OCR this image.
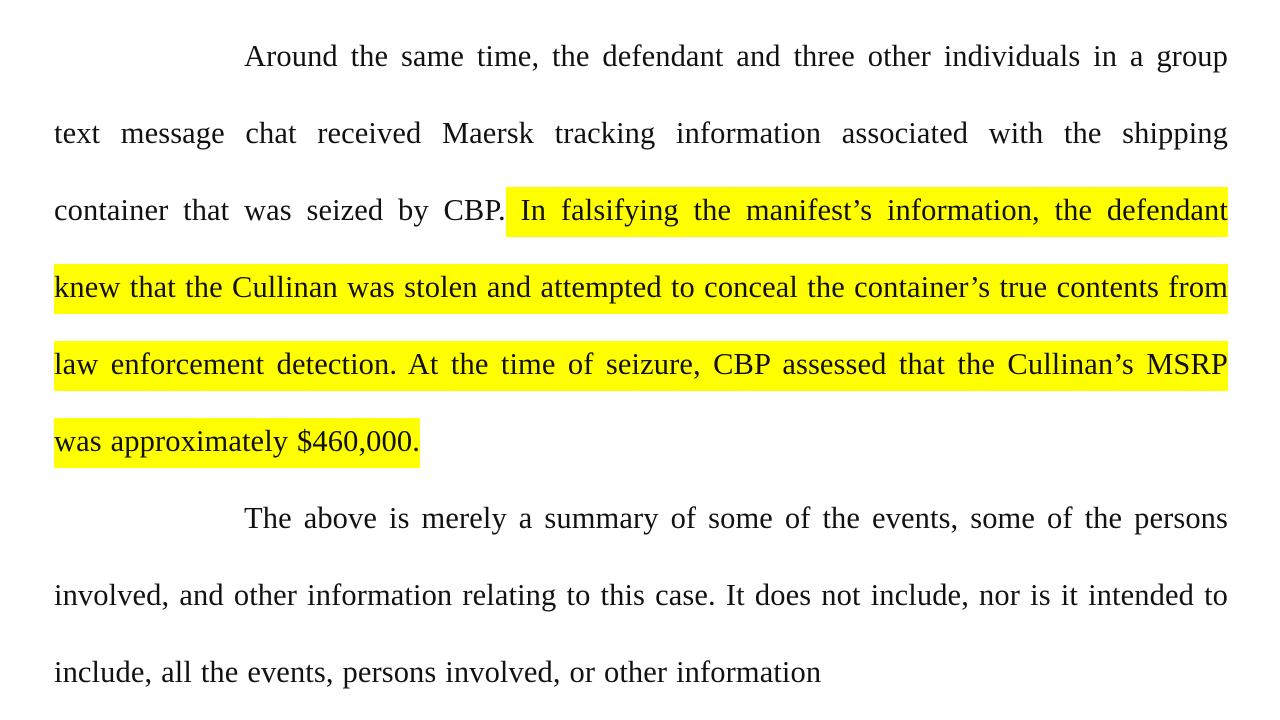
Around the same time, the defendant and three other individuals in a group text message chat received Maersk tracking information associated with the shipping container that was seized by CBP. In falsifying the manifest’s information, the defendant knew that the Cullinan was stolen and attempted to conceal the container’s true contents from law enforcement detection. At the time of seizure, CBP assessed that the Cullinan’s MSRP was approximately $460,000.

The above is merely a summary of some of the events, some of the persons involved, and other information relating to this case. It does not include, nor is it intended to include, all the events, persons involved, or other information
